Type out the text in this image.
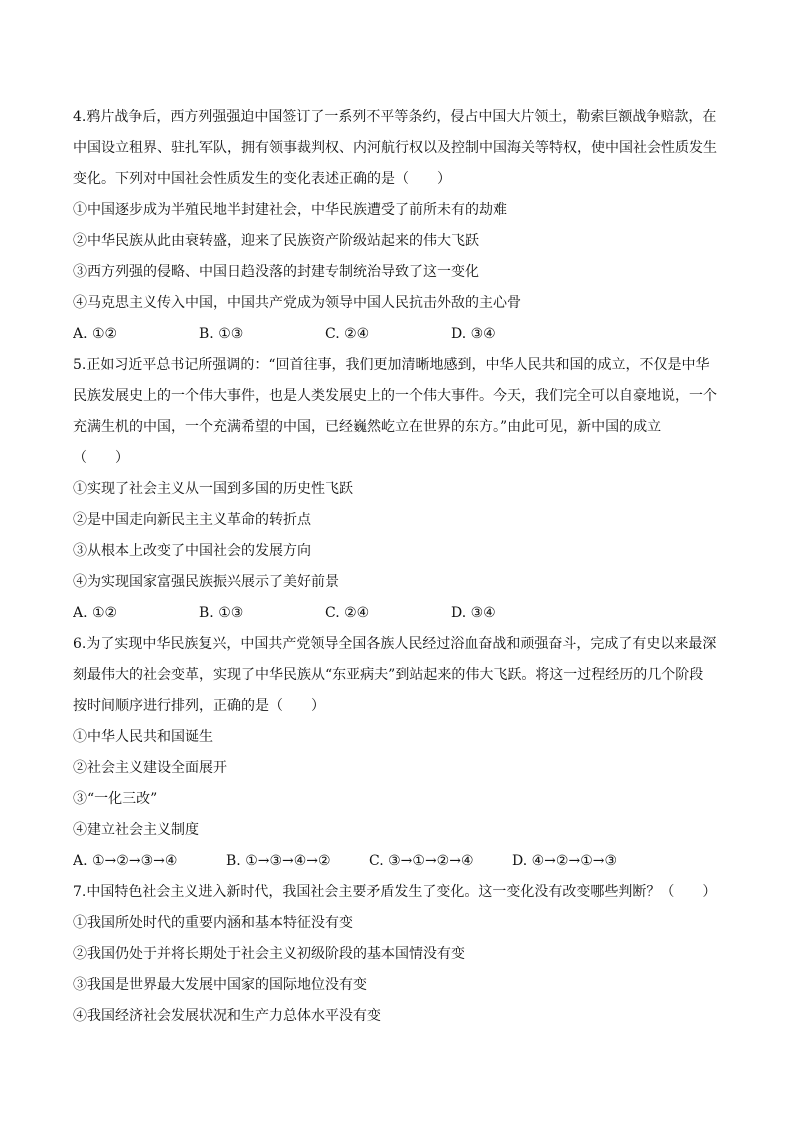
4.鸦片战争后，西方列强强迫中国签订了一系列不平等条约，侵占中国大片领土，勒索巨额战争赔款，在
中国设立租界、驻扎军队，拥有领事裁判权、内河航行权以及控制中国海关等特权，使中国社会性质发生
变化。下列对中国社会性质发生的变化表述正确的是（　　）
①中国逐步成为半殖民地半封建社会，中华民族遭受了前所未有的劫难
②中华民族从此由衰转盛，迎来了民族资产阶级站起来的伟大飞跃
③西方列强的侵略、中国日趋没落的封建专制统治导致了这一变化
④马克思主义传入中国，中国共产党成为领导中国人民抗击外敌的主心骨
A. ①②	B. ①③	C. ②④	D. ③④
5.正如习近平总书记所强调的：“回首往事，我们更加清晰地感到，中华人民共和国的成立，不仅是中华
民族发展史上的一个伟大事件，也是人类发展史上的一个伟大事件。今天，我们完全可以自豪地说，一个
充满生机的中国，一个充满希望的中国，已经巍然屹立在世界的东方。”由此可见，新中国的成立
（　　）
①实现了社会主义从一国到多国的历史性飞跃
②是中国走向新民主主义革命的转折点
③从根本上改变了中国社会的发展方向
④为实现国家富强民族振兴展示了美好前景
A. ①②	B. ①③	C. ②④	D. ③④
6.为了实现中华民族复兴，中国共产党领导全国各族人民经过浴血奋战和顽强奋斗，完成了有史以来最深
刻最伟大的社会变革，实现了中华民族从“东亚病夫”到站起来的伟大飞跃。将这一过程经历的几个阶段
按时间顺序进行排列，正确的是（　　）
①中华人民共和国诞生
②社会主义建设全面展开
③“一化三改”
④建立社会主义制度
A. ①→②→③→④	B. ①→③→④→②	C. ③→①→②→④	D. ④→②→①→③
7.中国特色社会主义进入新时代，我国社会主要矛盾发生了变化。这一变化没有改变哪些判断？（　　）
①我国所处时代的重要内涵和基本特征没有变
②我国仍处于并将长期处于社会主义初级阶段的基本国情没有变
③我国是世界最大发展中国家的国际地位没有变
④我国经济社会发展状况和生产力总体水平没有变
